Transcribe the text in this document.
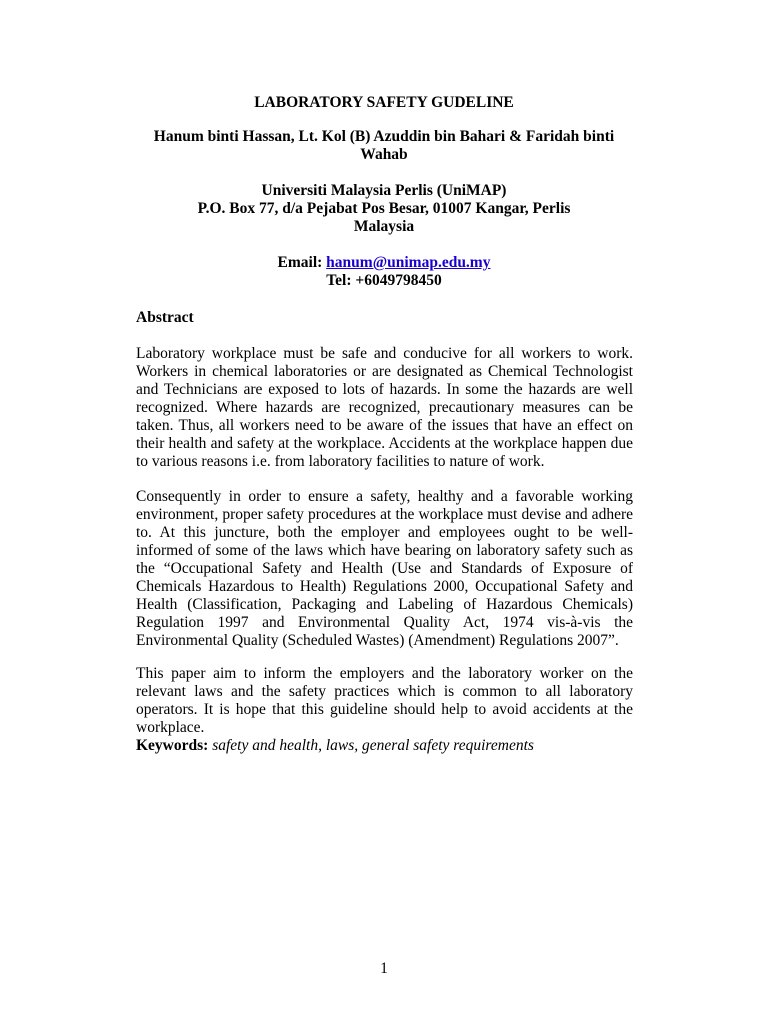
LABORATORY SAFETY GUDELINE
Hanum binti Hassan, Lt. Kol (B) Azuddin bin Bahari & Faridah binti
Wahab
Universiti Malaysia Perlis (UniMAP)
P.O. Box 77, d/a Pejabat Pos Besar, 01007 Kangar, Perlis
Malaysia
Email: hanum@unimap.edu.my
Tel: +6049798450
Abstract

Laboratory workplace must be safe and conducive for all workers to work. Workers in chemical laboratories or are designated as Chemical Technologist and Technicians are exposed to lots of hazards. In some the hazards are well recognized. Where hazards are recognized, precautionary measures can be taken. Thus, all workers need to be aware of the issues that have an effect on their health and safety at the workplace. Accidents at the workplace happen due to various reasons i.e. from laboratory facilities to nature of work.

Consequently in order to ensure a safety, healthy and a favorable working environment, proper safety procedures at the workplace must devise and adhere to. At this juncture, both the employer and employees ought to be well-informed of some of the laws which have bearing on laboratory safety such as the “Occupational Safety and Health (Use and Standards of Exposure of Chemicals Hazardous to Health) Regulations 2000, Occupational Safety and Health (Classification, Packaging and Labeling of Hazardous Chemicals) Regulation 1997 and Environmental Quality Act, 1974 vis-à-vis the Environmental Quality (Scheduled Wastes) (Amendment) Regulations 2007”.

This paper aim to inform the employers and the laboratory worker on the relevant laws and the safety practices which is common to all laboratory operators. It is hope that this guideline should help to avoid accidents at the workplace.

Keywords: safety and health, laws, general safety requirements
1
